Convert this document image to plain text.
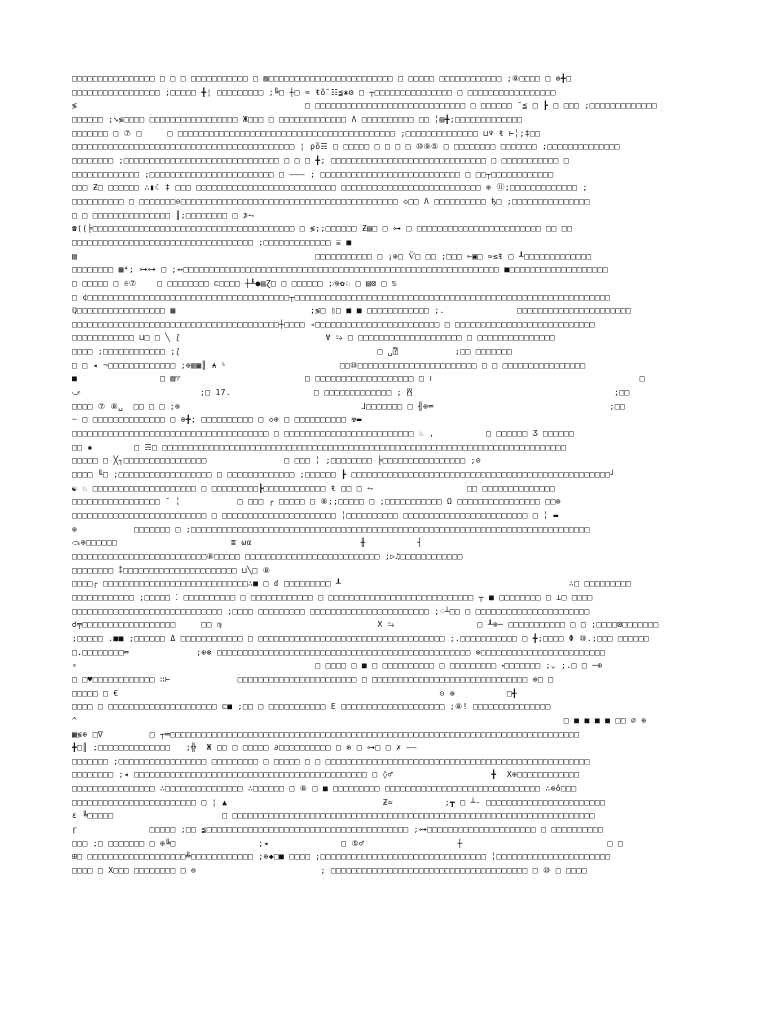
□□□□□□□□□□□□□□□□ □ □ □ □□□□□□□□□□□ □ ▨□□□□□□□□□□□□□□□□□□□□□□□□ □ □□□□□ □□□□□□□□□□□□ ;⑧□□□□ □ ⊕╋□
□□□□□□□□□□□□□□□□□ ;□□□□□ ╋¦ □□□□□□□□□ ;╚□ ┼□ ≈ ŧỗ ☷≨❀⚙ □ ┬□□□□□□□□□□□□□□□ □ □□□□□□□□□□□□□□□□□
≶                                            □ □□□□□□□□□□□□□□□□□□□□□□□□□□□□□ □ □□□□□□ ˘≦ □ ┣ □ □□□ ;□□□□□□□□□□□□□
□□□□□□ ;➘≶□□□□ □□□□□□□□□□□□□□□□□ Ж□□□ □ □□□□□□□□□□□□□ Λ □□□□□□□□□□ □□ ╎▤╋;□□□□□□□□□□□□□
□□□□□□□ □ ⑦ □     □ □□□□□□□□□□□□□□□□□□□□□□□□□□□□□□□□□□□□□□□□□□ ;□□□□□□□□□□□□□□ ⊔♆ ŧ ⊢╎;‡□□
□□□□□□□□□□□□□□□□□□□□□□□□□□□□□□□□□□□□□□□□□□□ ¦ ρὄ☴ □ □□□□□ □ □ □ □ ⑩⑨⑤ □ □□□□□□□□ □□□□□□□ ;□□□□□□□□□□□□□□
□□□□□□□□ ;□□□□□□□□□□□□□□□□□□□□□□□□□□□□□□ □ □ □ ╋; □□□□□□□□□□□□□□□□□□□□□□□□□□□□□□ □ □□□□□□□□□□□ □
□□□□□□□□□□□□□ ;□□□□□□□□□□□□□□□□□□□□□□□□ □ ——— ; □□□□□□□□□□□□□□□□□□□□□□□□□□□ □ □□┬□□□□□□□□□□□□
□□□ Ƶ□ □□□□□□ ∴▮☾ ‡ □□□ □□□□□□□□□□□□□□□□□□□□□□□□□□□ □□□□□□□□□□□□□□□□□□□□□□□□□□□ ⊕ ⑪;□□□□□□□□□□□□□ ;
□□□□□□□□□□ □ □□□□□□□⊙□□□□□□□□□□□□□□□□□□□□□□□□□□□□□□□□□□□□□□□□□□ ◇□□ Λ □□□□□□□□□□ ђ□ ;□□□□□□□□□□□□□□□
□ □ □□□□□□□□□□□□□□□ ║;□□□□□□□□ □ ⊅⥊
☎((╞□□□□□□□□□□□□□□□□□□□□□□□□□□□□□□□□□□□□□□□ □ ≶;;□□□□□□ Ƶ▤□ □ ⊶ □ □□□□□□□□□□□□□□□□□□□□□□□□ □□ □□
□□□□□□□□□□□□□□□□□□□□□□□□□□□□□□□□□□□ ;□□□□□□□□□□□□□ ⩸ ■
▨                                              □□□□□□□□□□□ □ ¡⊕□ Ѷ□ □□ ;□□□ ⟜▣□ ≈≤ŧ □ ┸□□□□□□□□□□□□□
□□□□□□□□ ▦⁴; ⊶⊶ □ ;⥇□□□□□□□□□□□□□□□□□□□□□□□□□□□□□□□□□□□□□□□□□□□□□□□□□□□□□□□□□□□□□ ■□□□□□□□□□□□□□□□□□□□
□ □□□□□ □ ♎⑦    □ □□□□□□□□ ⊏□□□□ ┼┸●▤Ɀ□ □ □□□□□□ ;⁄⊕✿♘ □ ▤⊠ □ ♋
□ ¢□□□□□□□□□□□□□□□□□□□□□□□□□□□□□□□□□□□□□□□┬□□□□□□□□□□□□□□□□□□□□□□□□□□□□□□□□□□□□□□□□□□□□□□□□□□□□□□□□□□□□□
ℚ□□□□□□□□□□□□□□□□□ ▦                          ;≶□ ▯□ ■ ■ □□□□□□□□□□□□ ;.              □□□□□□□□□□□□□□□□□□□□□□
□□□□□□□□□□□□□□□□□□□□□□□□□□□□□□□□□□□□□□□□┼□□□□ ◃□□□□□□□□□□□□□□□□□□□□□□□□ □ □□□□□□□□□□□□□□□□□□□□□□□□□□□
□□□□□□□□□□□□ ⊔□ □ ╲ ⟅                            ∀ ⥲ □ □□□□□□□□□□□□□□□□□□□□ □ □□□□□□□□□□□□□□□
□□□□ ;□□□□□□□□□□□□ ;⟅                                      □ ␣⍰           ;□□ □□□□□□□
□ □ ◂ ¬□□□□□□□□□□□□□ ;⊕▥▦║ ⍲ ᒡ                      □□⑩□□□□□□□□□□□□□□□□□□□□□□□ □ □ □□□□□□□□□□□□□□□□
■                □ ▨♈                        □ □□□□□□□□□□□□□□□□□□□ □ ≀                                        □
⤻                       ;□ 17.                □ □□□□□□□□□□□□□ ; ⍓                                       ;□□
□□□□ ⑦ ⑧␣  □□ □ □ ;⊕                                   ⅃□□□□□□□ □ ╢⊕═                                  ;□□
┄ □ □□□□□□□□□□□□□□ □ ⊕╋; □□□□□□□□□□ □ ◇⊕ □ □□□□□□□□□□ ☢▬
□□□□□□□□□□□□□□□□□□□□□□□□□□□□□□□□□□□□□□ □ □□□□□□□□□□□□□□□□□□□□□□□□□ ♘ ,          □ □□□□□□ Ʒ □□□□□□
□□ ▪        □ ☴□ □□□□□□□□□□□□□□□□□□□□□□□□□□□□□□□□□□□□□□□□□□□□□□□□□□□□□□□□□□□□□□□□□□□□□□□□□□□□□□
□□□□□ □ ╳┐□□□□□□□□□□□□□□□□               □ □□□ ╎ ;□□□□□□□□ ╞□□□□□□□□□□□□□□□□ ;⊘
□□□□ ╙□ ;□□□□□□□□□□□□□□□□□□ □ □□□□□□□□□□□□□ ;□□□□□□ ┣ □□□□□□□□□□□□□□□□□□□□□□□□□□□□□□□□□□□□□□□□□□□□□□□□□□┘
☯ ♘ □□□□□□□□□□□□□□□□□□□□ □ □□□□□□□□□┣□□□□□□□□□□□□ ŧ □□ □ ⥊                  □□ □□□□□□□□□□□□□□
□□□□□□□□□□□□□□□□□ ˘ ╎           □ □□□ ┌ □□□□□ □ ⑧;;□□□□□ □ ;□□□□□□□□□□□ Ω □□□□□□□□□□□□□□□□ □□⊕
□□□□□□□□□□□□□□□□□□□□□□□□□□ □ □□□□□□□□□□□□□□□□□□□□□□ ╎□□□□□□□□□□ □□□□□□□□□□□□□□□□□□□□□□□□ □ ╎ ▬
⊕           □□□□□□□ □ ;□□□□□□□□□□□□□□□□□□□□□□□□□□□□□□□□□□□□□□□□□□□□□□□□□□□□□□□□□□□□□□□□□□□□□□□□□□□□□
⤼⊕□□□□□□                      ≣ ωα                     ╫          ┤
□□□□□□□□□□□□□□□□□□□□□□□□□□⑧□□□□□ □□□□□□□□□□□□□□□□□□□□□□□□□□ ;▷♫□□□□□□□□□□□□
□□□□□□□□ ⁑□□□□□□□□□□□□□□□□□□□□□□ ⊔╲□ ⑧
□□□□┌ □□□□□□□□□□□□□□□□□□□□□□□□□□□□∴■ □ ɗ □□□□□□□□□ ┸                                            ∴□ □□□□□□□□□
□□□□□□□□□□□□ ;□□□□□ ⁚ □□□□□□□□□□ □ □□□□□□□□□□□□ □ □□□□□□□□□□□□□□□□□□□□□□□□□□□□ ┬ ■ □□□□□□□□ □ ⊥□ □□□□
□□□□□□□□□□□□□□□□□□□□□□□□□□□□□ ;□□□□ □□□□□□□□□ □□□□□□□□□□□□□□□□□□□□□□□ ;⁖┴□□ □ □□□□□□□□□□□□□□□□□□□□□□
☌╤□□□□□□□□□□□□□□□□□□     □□ ♍                              X ⥲                □ ┸⊕─ □□□□□□□□□□□ □ □ ;□□□□⊠□□□□□□□
;□□□□□ .■■ ;□□□□□□ Δ □□□□□□□□□□□□ □ □□□□□□□□□□□□□□□□□□□□□□□□□□□□□□□□□□□□ ;.□□□□□□□□□□□ □ ╋;□□□□ Φ ⑩.;□□□ □□□□□□
□.□□□□□□□□═             ;⊕⊛ □□□□□□□□□□□□□□□□□□□□□□□□□□□□□□□□□□□□□□□□□□□□□□□□□ ⊕□□□□□□□□□□□□□□□□□□□□□□□□
∘                                              □ □□□□ □ ■ □ □□□□□□□□□□ □ □□□□□□□□□ ⬝□□□□□□□ ;⌄ ;.□ □ ─⊕
□ □♥□□□□□□□□□□□□ ∷⊢             □□□□□□□□□□□□□□□□□□□□□□□ □ □□□□□□□□□□□□□□□□□□□□□□□□□□□□□□ ⊕□ □
□□□□□ □ €                                                              ⊝ ⊕          □╉
□□□□ □ □□□□□□□□□□□□□□□□□□□□□ ⊏■ ;□□ □ □□□□□□□□□□□ Ε □□□□□□□□□□□□□□□□□□□□ ;⑧! □□□□□□□□□□□□□□□
^                                                                                              □ ■ ■ ■ ■ □□ ∅ ⊕
▦≶⊕ □∇         □ ┬═□□□□□□□□□□□□□□□□□□□□□□□□□□□□□□□□□□□□□□□□□□□□□□□□□□□□□□□□□□□□□□□□□□□□□□□□□□□□□□□
╋□║ ;□□□□□□□□□□□□□□   ;╬  Ж □□ □ □□□□□ ∂□□□□□□□□□□ □ ⊕ □ ⊶□ □ ✗ ——
□□□□□□□ ;□□□□□□□□□□□□□□□□□ □□□□□□□□□ □ □□□□□ □ □ □□□□□□□□□□□□□□□□□□□□□□□□□□□□□□□□□□□□□□□□□□□□□□□□□□□
□□□□□□□□ ;◂ □□□□□□□□□□□□□□□□□□□□□□□□□□□□□□□□□□□□□□□□□□□□□ □ ◊♂                   ╋  X⊕□□□□□□□□□□□□
□□□□□□□□□□□□□□□□ ∴□□□□□□□□□□□□□□□ ∴□□□□□□ □ ⑧ □ ■ □□□□□□□□□ □□□□□□□□□□□□□□□□□□□□□□□□□□□□□□ ∴⊕ô□□□
□□□□□□□□□□□□□□□□□□□□□□□□ □ ¦ ▲                              Ƶ≃          ;┳ □ ┴- □□□□□□□□□□□□□□□□□□□□□□□
ɛ ╚□□□□□                     □ □□□□□□□□□□□□□□□□□□□□□□□□□□□□□□□□□□□□□□□□□□□□□□□□□□□□□□□□□□□□□□□□□□□□□□
ɼ              □□□□□ ;□□ ≨□□□□□□□□□□□□□□□□□□□□□□□□□□□□□□□□□□□□□□□ ;⊶□□□□□□□□□□□□□□□□□□□□□ □ □□□□□□□□□□
□□□ ;□ □□□□□□□ □ ⊕╚□                ;◂              □ ⑤♂                  ┼                            □ □
⊞□ □□□□□□□□□□□□□□□□□□□╩□□□□□□□□□□□□ ;⊕◆□■ □□□□ ;□□□□□□□□□□□□□□□□□□□□□□□□□□□□□□□□ ╎□□□□□□□□□□□□□□□□□□□□□□
□□□□ □ X□□□ □□□□□□□□ □ ⊜                        ; □□□□□□□□□□□□□□□□□□□□□□□□□□□□□□□□□□□□□□ □ ⑩ □ □□□□
